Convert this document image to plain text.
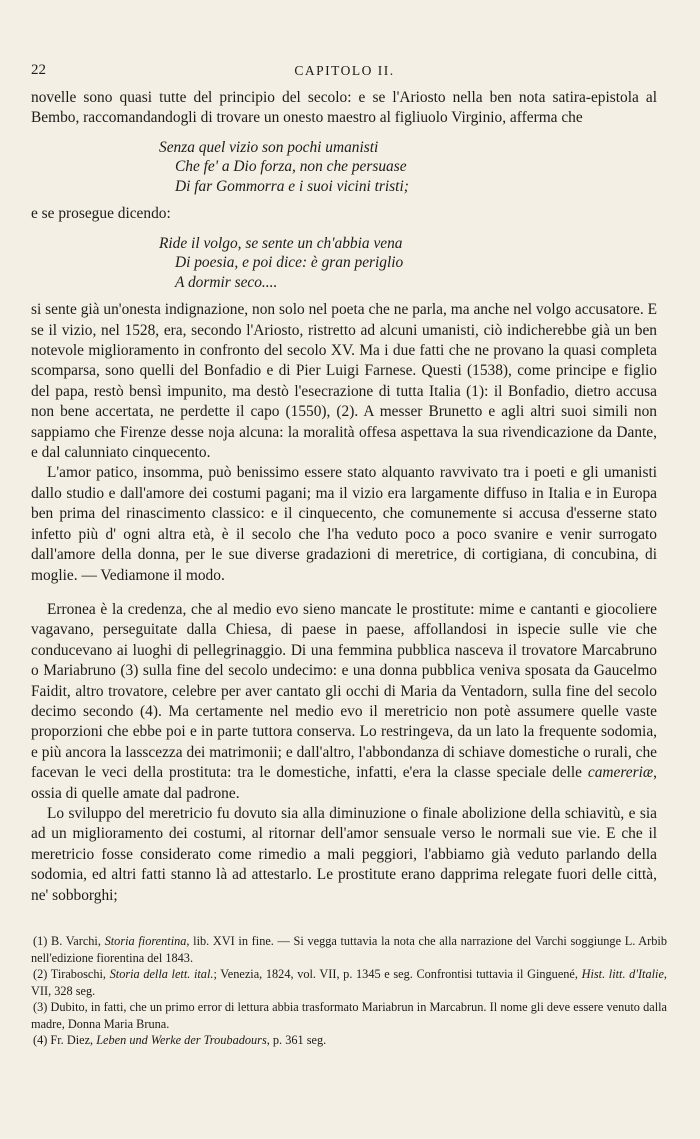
22	CAPITOLO II.

novelle sono quasi tutte del principio del secolo: e se l'Ariosto nella ben nota satira-epistola al Bembo, raccomandandogli di trovare un onesto maestro al figliuolo Virginio, afferma che

Senza quel vizio son pochi umanisti
Che fe' a Dio forza, non che persuase
Di far Gommorra e i suoi vicini tristi;

e se prosegue dicendo:

Ride il volgo, se sente un ch'abbia vena
Di poesia, e poi dice: è gran periglio
A dormir seco....

si sente già un'onesta indignazione, non solo nel poeta che ne parla, ma anche nel volgo accusatore. E se il vizio, nel 1528, era, secondo l'Ariosto, ristretto ad alcuni umanisti, ciò indicherebbe già un ben notevole miglioramento in confronto del secolo XV. Ma i due fatti che ne provano la quasi completa scomparsa, sono quelli del Bonfadio e di Pier Luigi Farnese. Questi (1538), come principe e figlio del papa, restò bensì impunito, ma destò l'esecrazione di tutta Italia (1): il Bonfadio, dietro accusa non bene accertata, ne perdette il capo (1550), (2). A messer Brunetto e agli altri suoi simili non sappiamo che Firenze desse noja alcuna: la moralità offesa aspettava la sua rivendicazione da Dante, e dal calunniato cinquecento.

L'amor patico, insomma, può benissimo essere stato alquanto ravvivato tra i poeti e gli umanisti dallo studio e dall'amore dei costumi pagani; ma il vizio era largamente diffuso in Italia e in Europa ben prima del rinascimento classico: e il cinquecento, che comunemente si accusa d'esserne stato infetto più d' ogni altra età, è il secolo che l'ha veduto poco a poco svanire e venir surrogato dall'amore della donna, per le sue diverse gradazioni di meretrice, di cortigiana, di concubina, di moglie. — Vediamone il modo.

Erronea è la credenza, che al medio evo sieno mancate le prostitute: mime e cantanti e giocoliere vagavano, perseguitate dalla Chiesa, di paese in paese, affollandosi in ispecie sulle vie che conducevano ai luoghi di pellegrinaggio. Di una femmina pubblica nasceva il trovatore Marcabruno o Mariabruno (3) sulla fine del secolo undecimo: e una donna pubblica veniva sposata da Gaucelmo Faidit, altro trovatore, celebre per aver cantato gli occhi di Maria da Ventadorn, sulla fine del secolo decimo secondo (4). Ma certamente nel medio evo il meretricio non potè assumere quelle vaste proporzioni che ebbe poi e in parte tuttora conserva. Lo restringeva, da un lato la frequente sodomia, e più ancora la lasscezza dei matrimonii; e dall'altro, l'abbondanza di schiave domestiche o rurali, che facevan le veci della prostituta: tra le domestiche, infatti, e'era la classe speciale delle camereriæ, ossia di quelle amate dal padrone.

Lo sviluppo del meretricio fu dovuto sia alla diminuzione o finale abolizione della schiavitù, e sia ad un miglioramento dei costumi, al ritornar dell'amor sensuale verso le normali sue vie. E che il meretricio fosse considerato come rimedio a mali peggiori, l'abbiamo già veduto parlando della sodomia, ed altri fatti stanno là ad attestarlo. Le prostitute erano dapprima relegate fuori delle città, ne' sobborghi;

(1) B. Varchi, Storia fiorentina, lib. XVI in fine. — Si vegga tuttavia la nota che alla narrazione del Varchi soggiunge L. Arbib nell'edizione fiorentina del 1843.

(2) Tiraboschi, Storia della lett. ital.; Venezia, 1824, vol. VII, p. 1345 e seg. Confrontisi tuttavia il Ginguené, Hist. litt. d'Italie, VII, 328 seg.

(3) Dubito, in fatti, che un primo error di lettura abbia trasformato Mariabrun in Marcabrun. Il nome gli deve essere venuto dalla madre, Donna Maria Bruna.

(4) Fr. Diez, Leben und Werke der Troubadours, p. 361 seg.
